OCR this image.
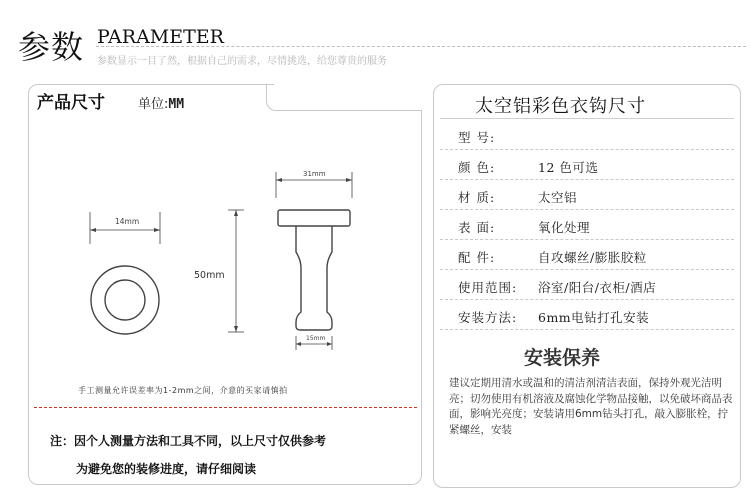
参数 PARAMETER
参数显示一目了然，根据自己的需求，尽情挑选，给您尊贵的服务
产品尺寸	单位:MM
14mm
50mm
31mm
15mm
手工测量允许误差率为1-2mm之间，介意的买家请慎拍
注：因个人测量方法和工具不同，以上尺寸仅供参考
为避免您的装修进度，请仔细阅读
太空铝彩色衣钩尺寸
型 号:
颜 色:	12 色可选
材 质:	太空铝
表 面:	氧化处理
配 件:	自攻螺丝/膨胀胶粒
使用范围: 浴室/阳台/衣柜/酒店
安装方法: 6mm电钻打孔安装
安装保养
建议定期用清水或温和的清洁剂清洁表面，保持外观光洁明亮；切勿使用有机溶液及腐蚀化学物品接触，以免破坏商品表面，影响光亮度；安装请用6mm钻头打孔，敲入膨胀栓，拧紧螺丝，安装
